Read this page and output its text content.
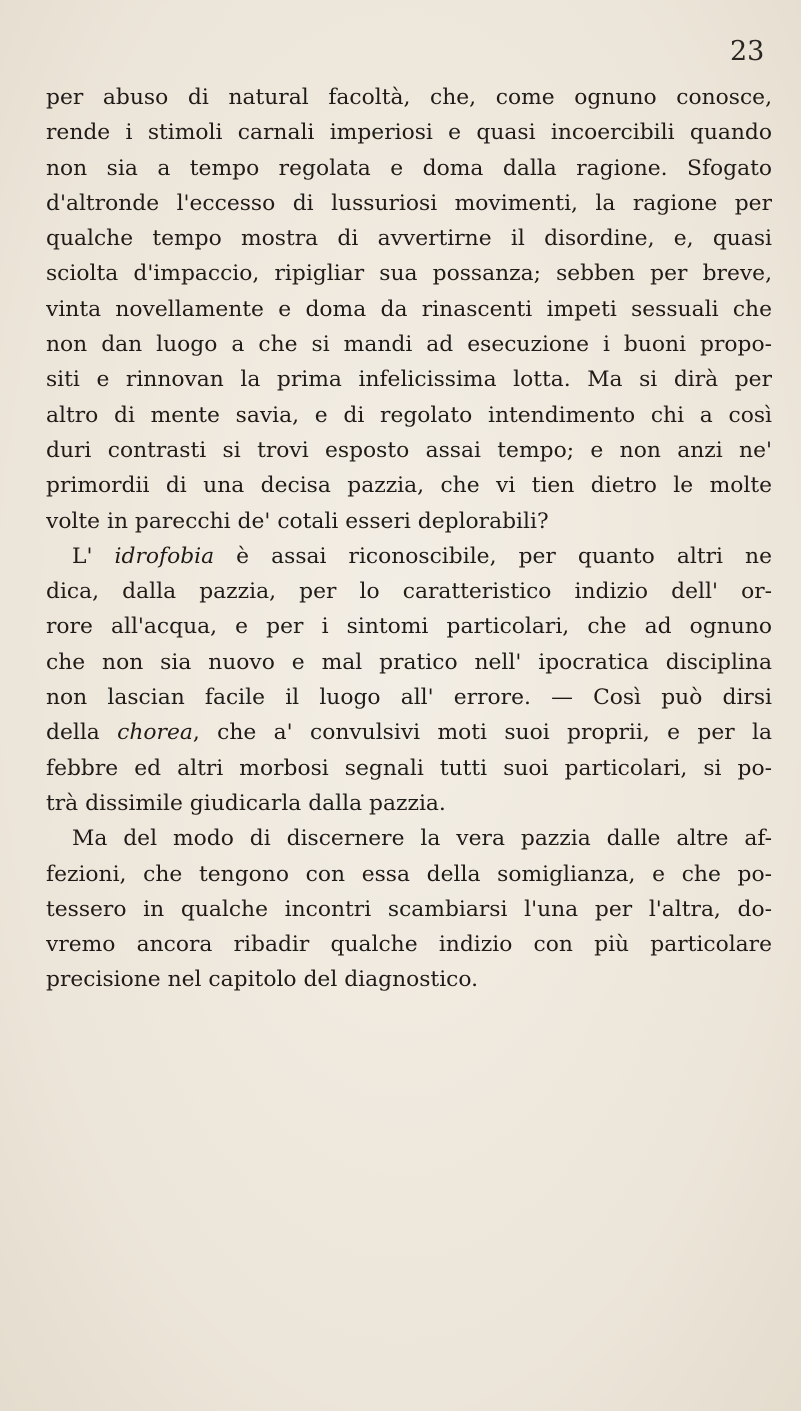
23
per abuso di natural facoltà, che, come ognuno conosce,
rende i stimoli carnali imperiosi e quasi incoercibili quando
non sia a tempo regolata e doma dalla ragione. Sfogato
d'altronde l'eccesso di lussuriosi movimenti, la ragione per
qualche tempo mostra di avvertirne il disordine, e, quasi
sciolta d'impaccio, ripigliar sua possanza; sebben per breve,
vinta novellamente e doma da rinascenti impeti sessuali che
non dan luogo a che si mandi ad esecuzione i buoni propo-
siti e rinnovan la prima infelicissima lotta. Ma si dirà per
altro di mente savia, e di regolato intendimento chi a così
duri contrasti si trovi esposto assai tempo; e non anzi ne'
primordii di una decisa pazzia, che vi tien dietro le molte
volte in parecchi de' cotali esseri deplorabili?
L' idrofobia è assai riconoscibile, per quanto altri ne
dica, dalla pazzia, per lo caratteristico indizio dell' or-
rore all'acqua, e per i sintomi particolari, che ad ognuno
che non sia nuovo e mal pratico nell' ipocratica disciplina
non lascian facile il luogo all' errore. — Così può dirsi
della chorea, che a' convulsivi moti suoi proprii, e per la
febbre ed altri morbosi segnali tutti suoi particolari, si po-
trà dissimile giudicarla dalla pazzia.
Ma del modo di discernere la vera pazzia dalle altre af-
fezioni, che tengono con essa della somiglianza, e che po-
tessero in qualche incontri scambiarsi l'una per l'altra, do-
vremo ancora ribadir qualche indizio con più particolare
precisione nel capitolo del diagnostico.
